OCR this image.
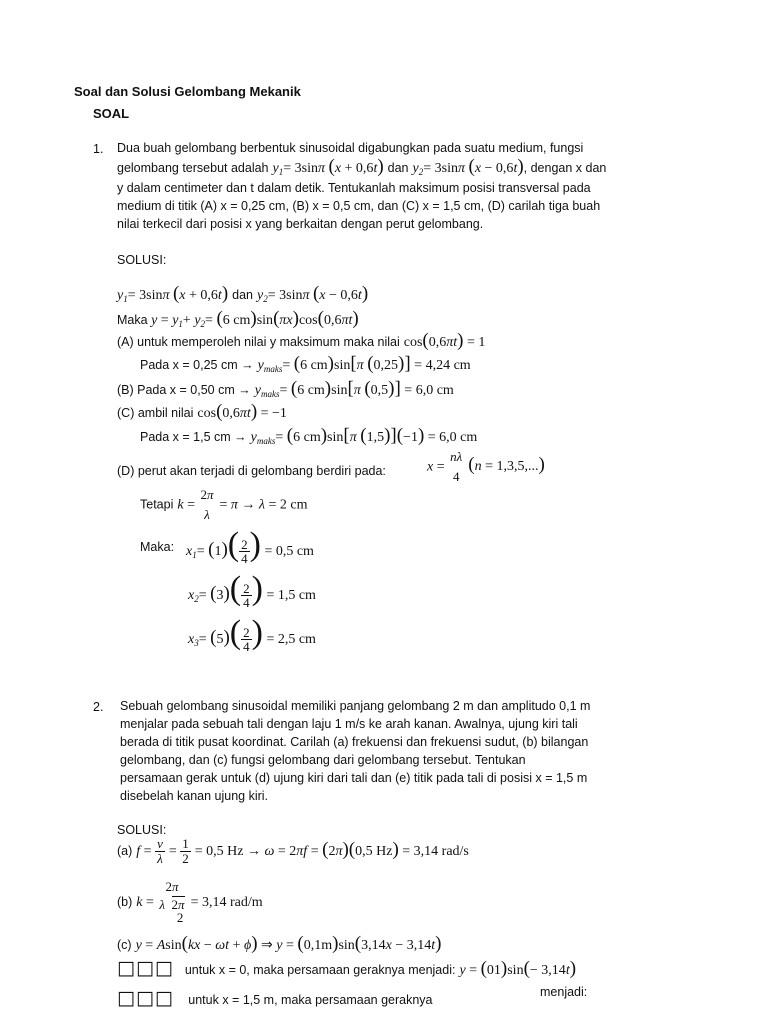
Soal dan Solusi Gelombang Mekanik
SOAL
1. Dua buah gelombang berbentuk sinusoidal digabungkan pada suatu medium, fungsi
gelombang tersebut adalah $y_1= 3\sin\pi$ (x + 0,6t) dan $y_2= 3\sin\pi$ (x − 0,6t), dengan x dan
y dalam centimeter dan t dalam detik. Tentukanlah maksimum posisi transversal pada
medium di titik (A) x = 0,25 cm, (B) x = 0,5 cm, dan (C) x = 1,5 cm, (D) carilah tiga buah
nilai terkecil dari posisi x yang berkaitan dengan perut gelombang.
SOLUSI:
$y_1= 3\sin\pi$ (x + 0,6t) dan $y_2= 3\sin\pi$ (x − 0,6t)
Maka $y = y_1+ y_2= (6$ cm)sin(πx)cos(0,6πt)
(A) untuk memperoleh nilai y maksimum maka nilai cos(0,6πt) = 1
Pada x = 0,25 cm → $y_{maks}= (6$ cm)sin[π (0,25)] = 4,24 cm
(B) Pada x = 0,50 cm → $y_{maks}= (6$ cm)sin[π (0,5)] = 6,0 cm
(C) ambil nilai cos(0,6πt) = −1
Pada x = 1,5 cm → $y_{maks}= (6$ cm)sin[π (1,5)](−1) = 6,0 cm
(D) perut akan terjadi di gelombang berdiri pada:	x =
nλ
4
(n = 1,3,5,...)
Tetapi k =
2π
λ
= π → λ = 2 cm
Maka: $x_1= (1)( \frac{2}{4}$ ) = 0,5 cm
$x_2= (3)( \frac{2}{4}$ ) = 1,5 cm
$x_3= (5)( \frac{2}{4}$ ) = 2,5 cm
2. Sebuah gelombang sinusoidal memiliki panjang gelombang 2 m dan amplitudo 0,1 m
menjalar pada sebuah tali dengan laju 1 m/s ke arah kanan. Awalnya, ujung kiri tali
berada di titik pusat koordinat. Carilah (a) frekuensi dan frekuensi sudut, (b) bilangan
gelombang, dan (c) fungsi gelombang dari gelombang tersebut. Tentukan
persamaan gerak untuk (d) ujung kiri dari tali dan (e) titik pada tali di posisi x = 1,5 m
disebelah kanan ujung kiri.
SOLUSI:
(a) $f = \frac{v}{\lambda} = \frac{1}{2} = 0,5$ Hz → ω = 2πf = (2π)(0,5 Hz) = 3,14 rad/s
(b) k =
2π
λ 2π
2
= 3,14 rad/m
(c) y = Asin(kx − ωt + ϕ) ⇒ y = (0,1m)sin(3,14x − 3,14t)
□□□ untuk x = 0, maka persamaan geraknya menjadi: y = (01)sin(− 3,14t)
□□□ untuk x = 1,5 m, maka persamaan geraknya
menjadi:
